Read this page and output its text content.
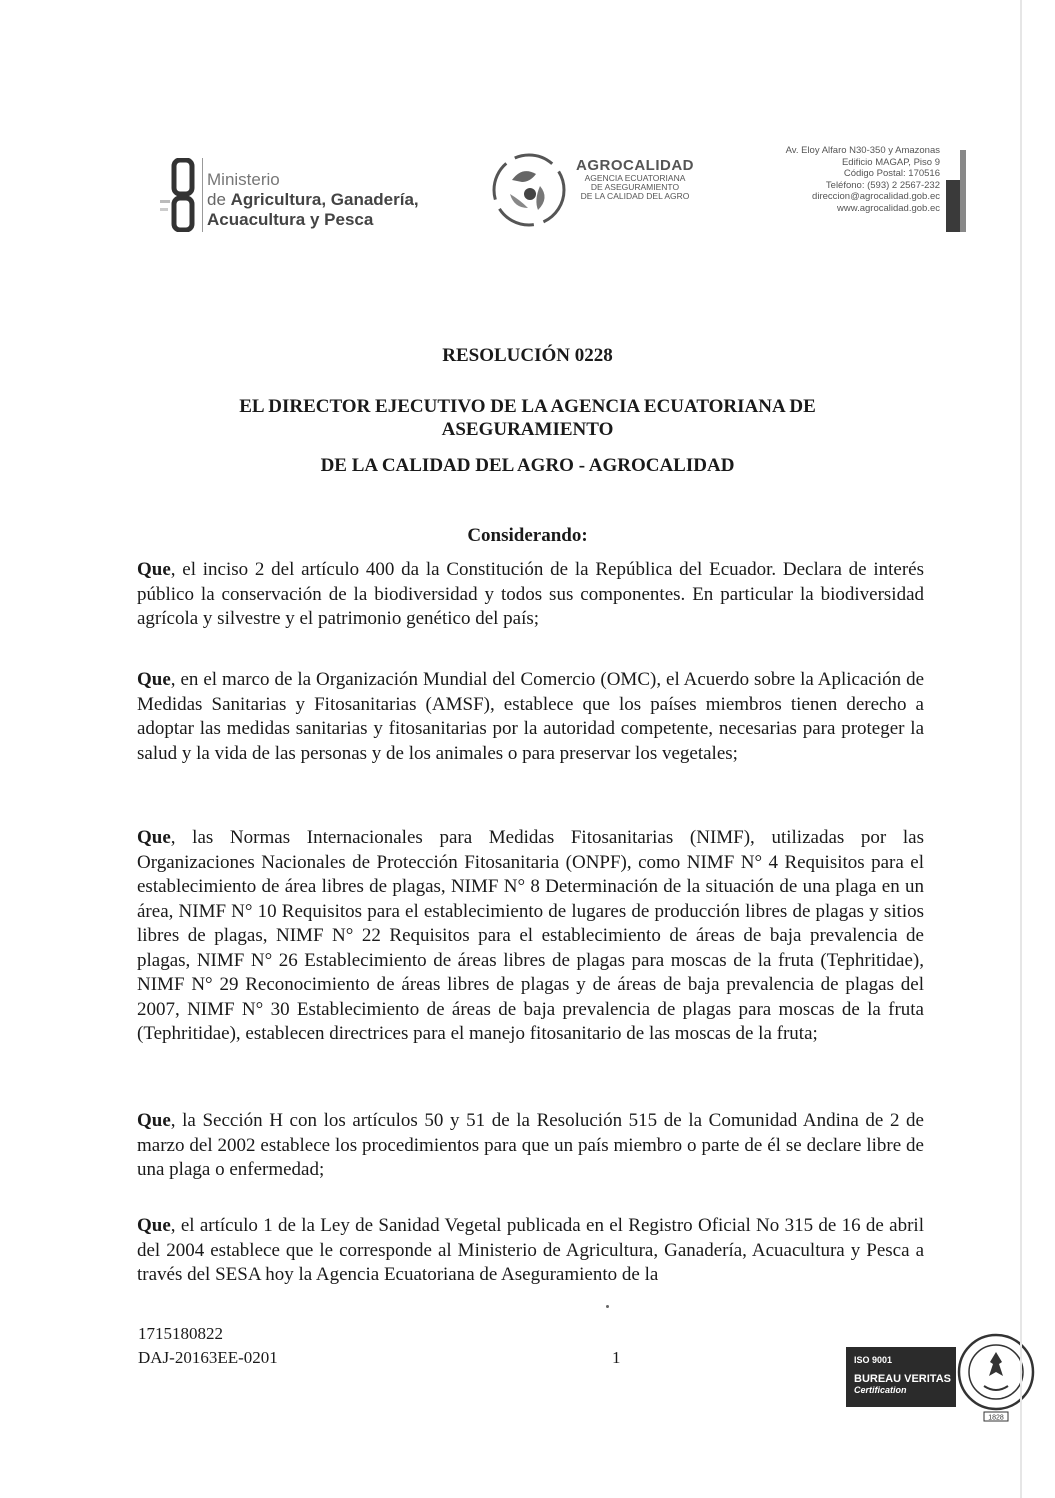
Ministerio
de Agricultura, Ganadería,
Acuacultura y Pesca
AGROCALIDAD
AGENCIA ECUATORIANA
DE ASEGURAMIENTO
DE LA CALIDAD DEL AGRO
Av. Eloy Alfaro N30-350 y Amazonas
Edificio MAGAP, Piso 9
Código Postal: 170516
Teléfono: (593) 2 2567-232
direccion@agrocalidad.gob.ec
www.agrocalidad.gob.ec
RESOLUCIÓN 0228
EL DIRECTOR EJECUTIVO DE LA AGENCIA ECUATORIANA DE
ASEGURAMIENTO
DE LA CALIDAD DEL AGRO - AGROCALIDAD
Considerando:
Que, el inciso 2 del artículo 400 da la Constitución de la República del Ecuador. Declara de interés público la conservación de la biodiversidad y todos sus componentes. En particular la biodiversidad agrícola y silvestre y el patrimonio genético del país;
Que, en el marco de la Organización Mundial del Comercio (OMC), el Acuerdo sobre la Aplicación de Medidas Sanitarias y Fitosanitarias (AMSF), establece que los países miembros tienen derecho a adoptar las medidas sanitarias y fitosanitarias por la autoridad competente, necesarias para proteger la salud y la vida de las personas y de los animales o para preservar los vegetales;
Que, las Normas Internacionales para Medidas Fitosanitarias (NIMF), utilizadas por las Organizaciones Nacionales de Protección Fitosanitaria (ONPF), como NIMF N° 4 Requisitos para el establecimiento de área libres de plagas, NIMF N° 8 Determinación de la situación de una plaga en un área, NIMF N° 10 Requisitos para el establecimiento de lugares de producción libres de plagas y sitios libres de plagas, NIMF N° 22 Requisitos para el establecimiento de áreas de baja prevalencia de plagas, NIMF N° 26 Establecimiento de áreas libres de plagas para moscas de la fruta (Tephritidae), NIMF N° 29 Reconocimiento de áreas libres de plagas y de áreas de baja prevalencia de plagas del 2007, NIMF N° 30 Establecimiento de áreas de baja prevalencia de plagas para moscas de la fruta (Tephritidae), establecen directrices para el manejo fitosanitario de las moscas de la fruta;
Que, la Sección H con los artículos 50 y 51 de la Resolución 515 de la Comunidad Andina de 2 de marzo del 2002 establece los procedimientos para que un país miembro o parte de él se declare libre de una plaga o enfermedad;
Que, el artículo 1 de la Ley de Sanidad Vegetal publicada en el Registro Oficial No 315 de 16 de abril del 2004 establece que le corresponde al Ministerio de Agricultura, Ganadería, Acuacultura y Pesca a través del SESA hoy la Agencia Ecuatoriana de Aseguramiento de la
1715180822
DAJ-20163EE-0201	1	ISO 9001
BUREAU VERITAS
Certification
1828
